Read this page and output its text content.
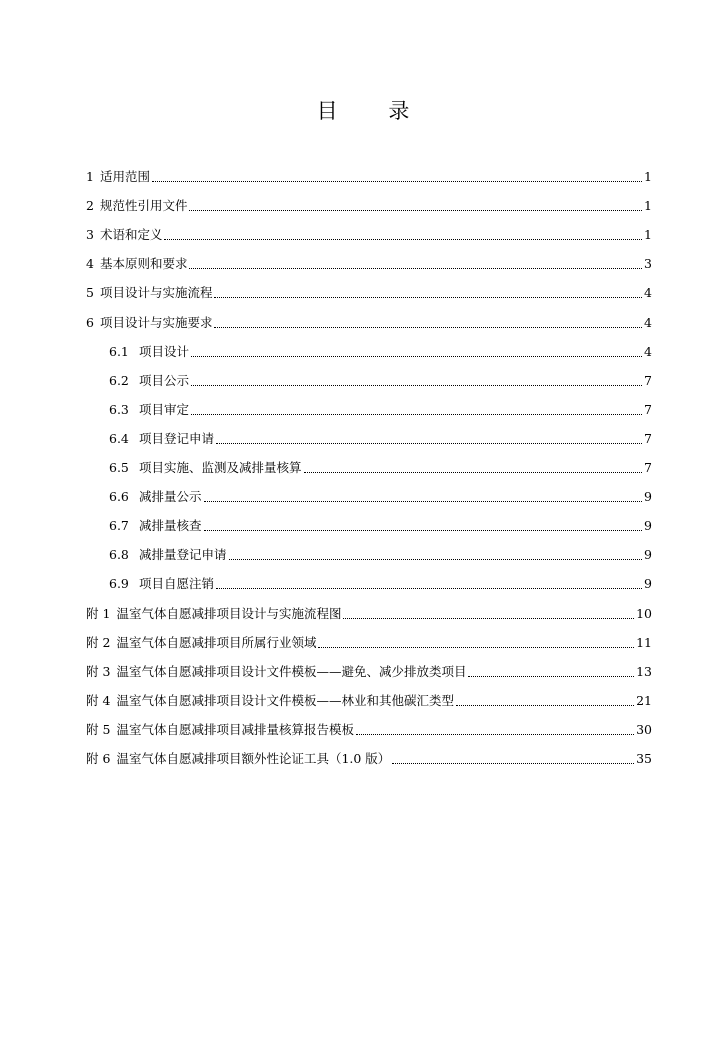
目 录
1 适用范围	1
2 规范性引用文件	1
3 术语和定义	1
4 基本原则和要求	3
5 项目设计与实施流程	4
6 项目设计与实施要求	4
6.1 项目设计	4
6.2 项目公示	7
6.3 项目审定	7
6.4 项目登记申请	7
6.5 项目实施、监测及减排量核算	7
6.6 减排量公示	9
6.7 减排量核查	9
6.8 减排量登记申请	9
6.9 项目自愿注销	9
附 1 温室气体自愿减排项目设计与实施流程图	10
附 2 温室气体自愿减排项目所属行业领域	11
附 3 温室气体自愿减排项目设计文件模板——避免、减少排放类项目	13
附 4 温室气体自愿减排项目设计文件模板——林业和其他碳汇类型	21
附 5 温室气体自愿减排项目减排量核算报告模板	30
附 6 温室气体自愿减排项目额外性论证工具（1.0 版）	35
